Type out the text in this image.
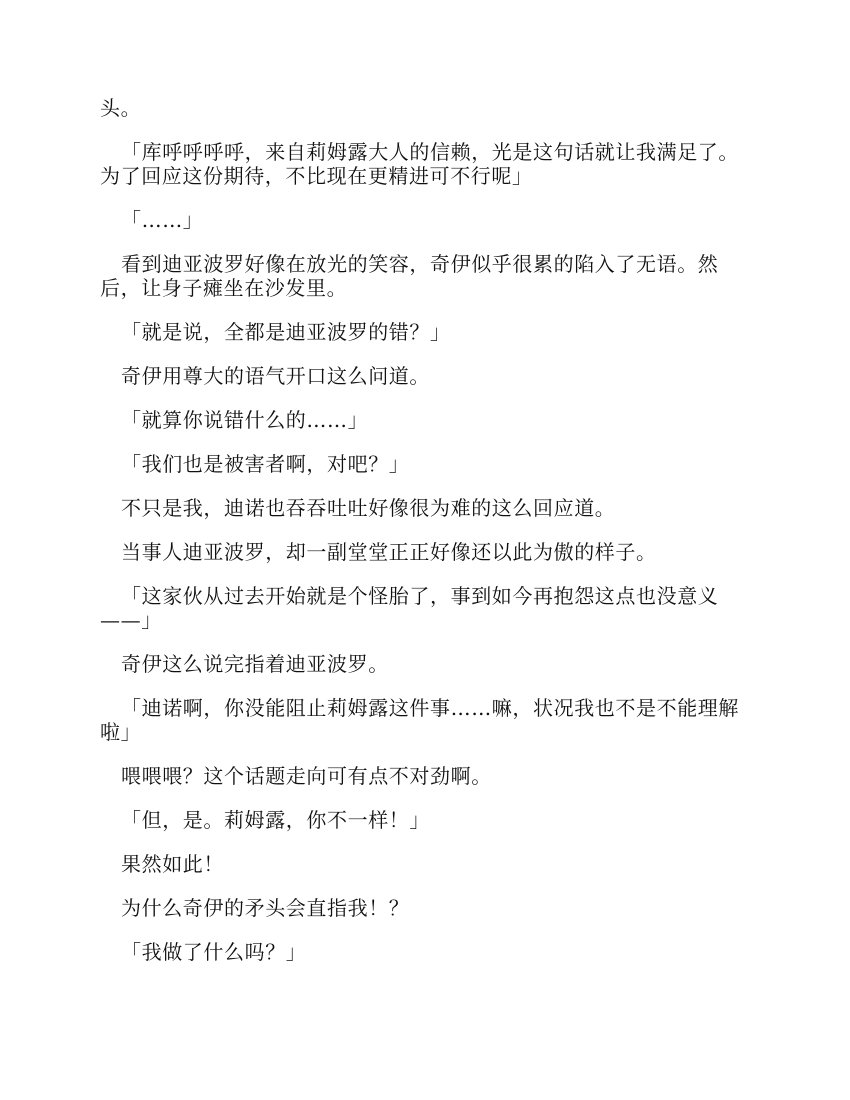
头。

「库呼呼呼呼，来自莉姆露大人的信赖，光是这句话就让我满足了。为了回应这份期待，不比现在更精进可不行呢」

「……」

看到迪亚波罗好像在放光的笑容，奇伊似乎很累的陷入了无语。然后，让身子瘫坐在沙发里。

「就是说，全都是迪亚波罗的错？」

奇伊用尊大的语气开口这么问道。

「就算你说错什么的……」

「我们也是被害者啊，对吧？」

不只是我，迪诺也吞吞吐吐好像很为难的这么回应道。

当事人迪亚波罗，却一副堂堂正正好像还以此为傲的样子。

「这家伙从过去开始就是个怪胎了，事到如今再抱怨这点也没意义——」

奇伊这么说完指着迪亚波罗。

「迪诺啊，你没能阻止莉姆露这件事……嘛，状况我也不是不能理解啦」

喂喂喂？这个话题走向可有点不对劲啊。

「但，是。莉姆露，你不一样！」

果然如此！

为什么奇伊的矛头会直指我！？

「我做了什么吗？」
